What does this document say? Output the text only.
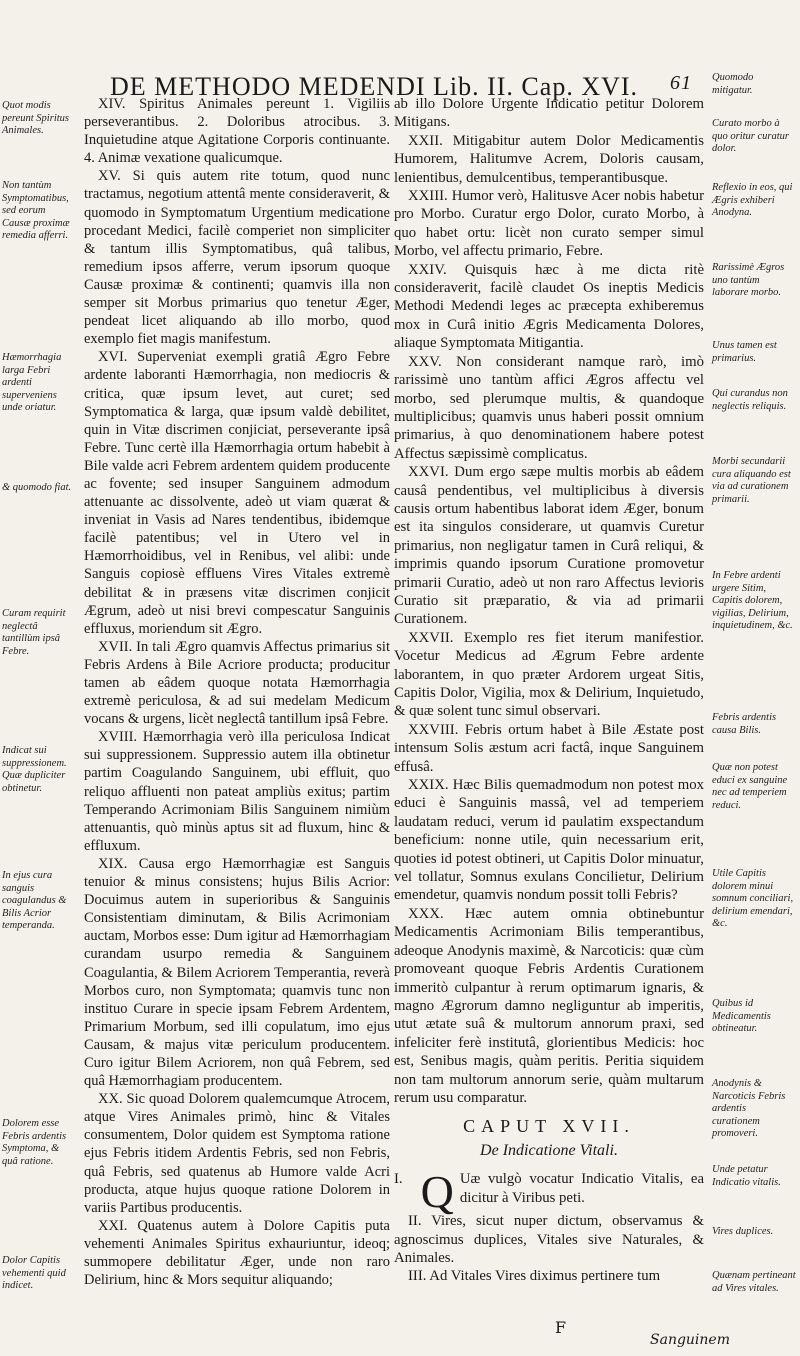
DE METHODO MEDENDI Lib. II. Cap. XVI. 61
Quot modis pereunt Spiritus Animales.
Non tantùm Symptomatibus, sed eorum Causæ proximæ remedia afferri.
Hæmorrhagia larga Febri ardenti superveniens unde oriatur.
& quomodo fiat.
Curam requirit neglectâ tantillùm ipsâ Febre.
Indicat sui suppressionem. Quæ dupliciter obtinetur.
In ejus cura sanguis coagulandus & Bilis Acrior temperanda.
Dolorem esse Febris ardentis Symptoma, & quâ ratione.
Dolor Capitis vehementi quid indicet.
Quomodo mitigatur.
Curato morbo à quo oritur curatur dolor.
Reflexio in eos, qui Ægris exhiberi Anodyna.
Rarissimè Ægros uno tantùm laborare morbo.
Unus tamen est primarius.
Qui curandus non neglectis reliquis.
Morbi secundarii cura aliquando est via ad curationem primarii.
In Febre ardenti urgere Sitim, Capitis dolorem, vigilias, Delirium, inquietudinem, &c.
Febris ardentis causa Bilis.
Quæ non potest educi ex sanguine nec ad temperiem reduci.
Utile Capitis dolorem minui somnum conciliari, delirium emendari, &c.
Quibus id Medicamentis obtineatur.
Anodynis & Narcoticis Febris ardentis curationem promoveri.
Unde petatur Indicatio vitalis.
Vires duplices.
Quænam pertineant ad Vires vitales.

XIV. Spiritus Animales pereunt 1. Vigiliis perseverantibus. 2. Doloribus atrocibus. 3. Inquietudine atque Agitatione Corporis continuante. 4. Animæ vexatione qualicumque.

XV. Si quis autem rite totum, quod nunc tractamus, negotium attentâ mente consideraverit, & quomodo in Symptomatum Urgentium medicatione procedant Medici, facilè comperiet non simpliciter & tantum illis Symptomatibus, quâ talibus, remedium ipsos afferre, verum ipsorum quoque Causæ proximæ & continenti; quamvis illa non semper sit Morbus primarius quo tenetur Æger, pendeat licet aliquando ab illo morbo, quod exemplo fiet magis manifestum.

XVI. Superveniat exempli gratiâ Ægro Febre ardente laboranti Hæmorrhagia, non mediocris & critica, quæ ipsum levet, aut curet; sed Symptomatica & larga, quæ ipsum valdè debilitet, quin in Vitæ discrimen conjiciat, perseverante ipsâ Febre. Tunc certè illa Hæmorrhagia ortum habebit à Bile valde acri Febrem ardentem quidem producente ac fovente; sed insuper Sanguinem admodum attenuante ac dissolvente, adeò ut viam quærat & inveniat in Vasis ad Nares tendentibus, ibidemque facilè patentibus; vel in Utero vel in Hæmorrhoidibus, vel in Renibus, vel alibi: unde Sanguis copiosè effluens Vires Vitales extremè debilitat & in præsens vitæ discrimen conjicit Ægrum, adeò ut nisi brevi compescatur Sanguinis effluxus, moriendum sit Ægro.

XVII. In tali Ægro quamvis Affectus primarius sit Febris Ardens à Bile Acriore producta; producitur tamen ab eâdem quoque notata Hæmorrhagia extremè periculosa, & ad sui medelam Medicum vocans & urgens, licèt neglectâ tantillum ipsâ Febre.

XVIII. Hæmorrhagia verò illa periculosa Indicat sui suppressionem. Suppressio autem illa obtinetur partim Coagulando Sanguinem, ubi effluit, quo reliquo affluenti non pateat ampliùs exitus; partim Temperando Acrimoniam Bilis Sanguinem nimiùm attenuantis, quò minùs aptus sit ad fluxum, hinc & effluxum.

XIX. Causa ergo Hæmorrhagiæ est Sanguis tenuior & minus consistens; hujus Bilis Acrior: Docuimus autem in superioribus & Sanguinis Consistentiam diminutam, & Bilis Acrimoniam auctam, Morbos esse: Dum igitur ad Hæmorrhagiam curandam usurpo remedia & Sanguinem Coagulantia, & Bilem Acriorem Temperantia, reverà Morbos curo, non Symptomata; quamvis tunc non instituo Curare in specie ipsam Febrem Ardentem, Primarium Morbum, sed illi copulatum, imo ejus Causam, & majus vitæ periculum producentem. Curo igitur Bilem Acriorem, non quâ Febrem, sed quâ Hæmorrhagiam producentem.

XX. Sic quoad Dolorem qualemcumque Atrocem, atque Vires Animales primò, hinc & Vitales consumentem, Dolor quidem est Symptoma ratione ejus Febris itidem Ardentis Febris, sed non Febris, quâ Febris, sed quatenus ab Humore valde Acri producta, atque hujus quoque ratione Dolorem in variis Partibus producentis.

XXI. Quatenus autem à Dolore Capitis puta vehementi Animales Spiritus exhauriuntur, ideoq; summopere debilitatur Æger, unde non raro Delirium, hinc & Mors sequitur aliquando;

ab illo Dolore Urgente Indicatio petitur Dolorem Mitigans.

XXII. Mitigabitur autem Dolor Medicamentis Humorem, Halitumve Acrem, Doloris causam, lenientibus, demulcentibus, temperantibusque.

XXIII. Humor verò, Halitusve Acer nobis habetur pro Morbo. Curatur ergo Dolor, curato Morbo, à quo habet ortu: licèt non curato semper simul Morbo, vel affectu primario, Febre.

XXIV. Quisquis hæc à me dicta ritè consideraverit, facilè claudet Os ineptis Medicis Methodi Medendi leges ac præcepta exhiberemus mox in Curâ initio Ægris Medicamenta Dolores, aliaque Symptomata Mitigantia.

XXV. Non considerant namque rarò, imò rarissimè uno tantùm affici Ægros affectu vel morbo, sed plerumque multis, & quandoque multiplicibus; quamvis unus haberi possit omnium primarius, à quo denominationem habere potest Affectus sæpissimè complicatus.

XXVI. Dum ergo sæpe multis morbis ab eâdem causâ pendentibus, vel multiplicibus à diversis causis ortum habentibus laborat idem Æger, bonum est ita singulos considerare, ut quamvis Curetur primarius, non negligatur tamen in Curâ reliqui, & imprimis quando ipsorum Curatione promovetur primarii Curatio, adeò ut non raro Affectus levioris Curatio sit præparatio, & via ad primarii Curationem.

XXVII. Exemplo res fiet iterum manifestior. Vocetur Medicus ad Ægrum Febre ardente laborantem, in quo præter Ardorem urgeat Sitis, Capitis Dolor, Vigilia, mox & Delirium, Inquietudo, & quæ solent tunc simul observari.

XXVIII. Febris ortum habet à Bile Æstate post intensum Solis æstum acri factâ, inque Sanguinem effusâ.

XXIX. Hæc Bilis quemadmodum non potest mox educi è Sanguinis massâ, vel ad temperiem laudatam reduci, verum id paulatim exspectandum beneficium: nonne utile, quin necessarium erit, quoties id potest obtineri, ut Capitis Dolor minuatur, vel tollatur, Somnus exulans Concilietur, Delirium emendetur, quamvis nondum possit tolli Febris?

XXX. Hæc autem omnia obtinebuntur Medicamentis Acrimoniam Bilis temperantibus, adeoque Anodynis maximè, & Narcoticis: quæ cùm promoveant quoque Febris Ardentis Curationem immeritò culpantur à rerum optimarum ignaris, & magno Ægrorum damno negliguntur ab imperitis, utut ætate suâ & multorum annorum praxi, sed infeliciter ferè institutâ, glorientibus Medicis: hoc est, Senibus magis, quàm peritis. Peritia siquidem non tam multorum annorum serie, quàm multarum rerum usu comparatur.

CAPUT XVII.
De Indicatione Vitali.

I. Q Uæ vulgò vocatur Indicatio Vitalis, ea dicitur à Viribus peti.

II. Vires, sicut nuper dictum, observamus & agnoscimus duplices, Vitales sive Naturales, & Animales.

III. Ad Vitales Vires diximus pertinere tum

F
Sanguinem
